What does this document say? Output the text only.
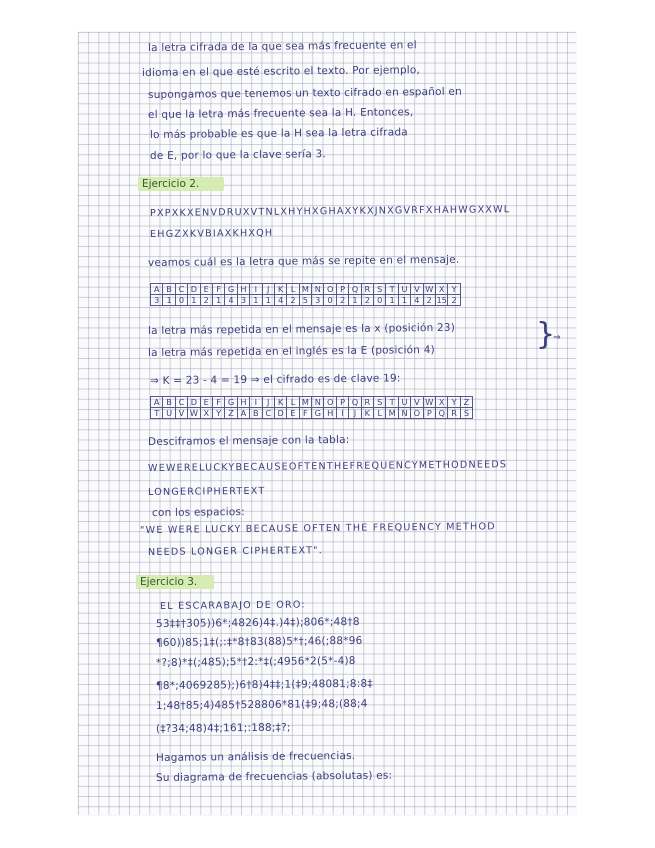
la letra cifrada de la que sea más frecuente en el
idioma en el que esté escrito el texto. Por ejemplo,
supongamos que tenemos un texto cifrado en español en
el que la letra más frecuente sea la H. Entonces,
lo más probable es que la H sea la letra cifrada
de E, por lo que la clave sería 3.
Ejercicio 2.
PXPXKXENVDRUXVTNLXHYHXGHAXYKXJNXGVRFXHAHWGXXWL
EHGZXKVBIAXKHXQH
veamos cuál es la letra que más se repite en el mensaje.
A	B	C	D	E	F	G	H	I	J	K	L	M	N	O	P	Q	R	S	T	U	V	W	X	Y
3	1	0	1	2	1	4	3	1	1	4	2	5	3	0	2	1	2	0	1	1	4	2	15	2
la letra más repetida en el mensaje es la x (posición 23)
la letra más repetida en el inglés es la E (posición 4)	}
⇒
⇒ K = 23 - 4 = 19 ⇒ el cifrado es de clave 19:
A	B	C	D	E	F	G	H	I	J	K	L	M	N	O	P	Q	R	S	T	U	V	W	X	Y	Z
T	U	V	W	X	Y	Z	A	B	C	D	E	F	G	H	I	J	K	L	M	N	O	P	Q	R	S
Desciframos el mensaje con la tabla:
WEWERELUCKYBECAUSEOFTENTHEFREQUENCYMETHODNEEDS
LONGERCIPHERTEXT
con los espacios:
"WE WERE LUCKY BECAUSE OFTEN THE FREQUENCY METHOD
NEEDS LONGER CIPHERTEXT".
Ejercicio 3.
EL ESCARABAJO DE ORO:
53‡‡†305))6*;4826)4‡.)4‡);806*;48†8
¶60))85;1‡(;:‡*8†83(88)5*†;46(;88*96
*?;8)*‡(;485);5*†2:*‡(;4956*2(5*-4)8
¶8*;4069285);)6†8)4‡‡;1(‡9;48081;8:8‡
1;48†85;4)485†528806*81(‡9;48;(88;4
(‡?34;48)4‡;161;:188;‡?;
Hagamos un análisis de frecuencias.
Su diagrama de frecuencias (absolutas) es:
